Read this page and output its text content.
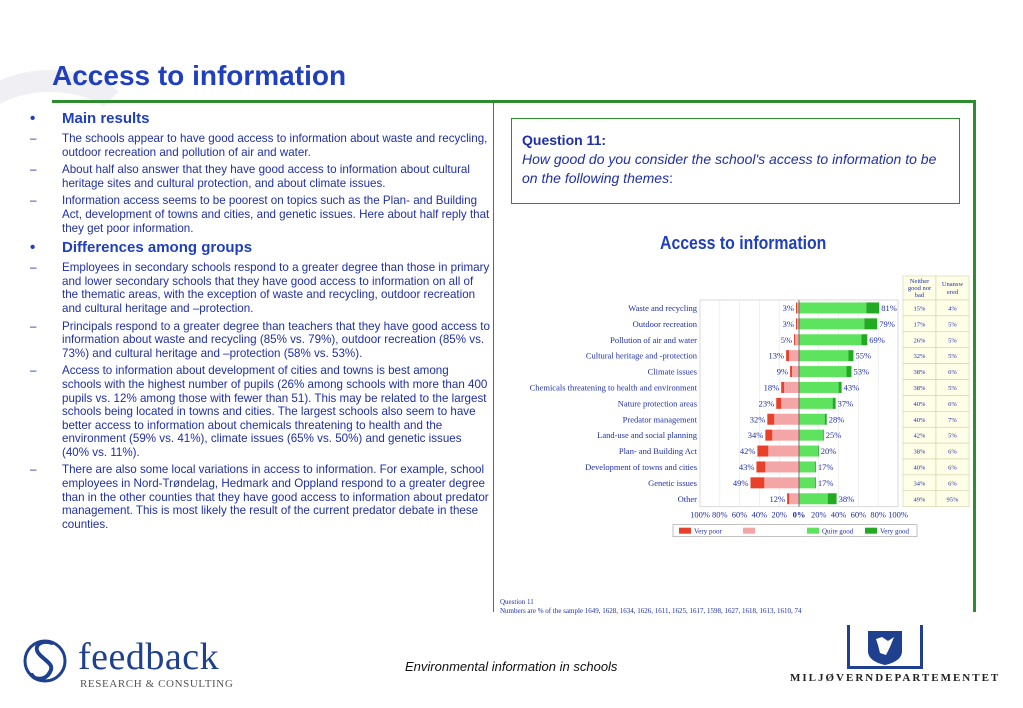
Access to information
• Main results
– The schools appear to have good access to information about waste and recycling, outdoor recreation and pollution of air and water.
– About half also answer that they have good access to information about cultural heritage sites and cultural protection, and about climate issues.
– Information access seems to be poorest on topics such as the Plan- and Building Act, development of towns and cities, and genetic issues. Here about half reply that they get poor information.
• Differences among groups
– Employees in secondary schools respond to a greater degree than those in primary and lower secondary schools that they have good access to information on all of the thematic areas, with the exception of waste and recycling, outdoor recreation and cultural heritage and –protection.
– Principals respond to a greater degree than teachers that they have good access to information about waste and recycling (85% vs. 79%), outdoor recreation (85% vs. 73%) and cultural heritage and –protection (58% vs. 53%).
– Access to information about development of cities and towns is best among schools with the highest number of pupils (26% among schools with more than 400 pupils vs. 12% among those with fewer than 51). This may be related to the largest schools being located in towns and cities. The largest schools also seem to have better access to information about chemicals threatening to health and the environment (59% vs. 41%), climate issues (65% vs. 50%) and genetic issues (40% vs. 11%).
– There are also some local variations in access to information. For example, school employees in Nord-Trøndelag, Hedmark and Oppland respond to a greater degree than in the other counties that they have good access to information about predator management. This is most likely the result of the current predator debate in these counties.
Question 11:
How good do you consider the school's access to information to be on the following themes:
Access to information
Neither good nor bad
Unansw ered
Waste and recycling	3%	81%	15%	4%
Outdoor recreation	3%	79%	17%	5%
Pollution of air and water	5%	69%	26%	5%
Cultural heritage and -protection	13%	55%	32%	5%
Climate issues	9%	53%	38%	6%
Chemicals threatening to health and environment	18%	43%	38%	5%
Nature protection areas	23%	37%	40%	6%
Predator management	32%	28%	40%	7%
Land-use and social planning	34%	25%	42%	5%
Plan- and Building Act	42%	20%	38%	6%
Development of towns and cities	43%	17%	40%	6%
Genetic issues	49%	17%	34%	6%
Other	12%	38%	49%	95%
100% 80% 60% 40% 20% 0% 20% 40% 60% 80% 100%
Very poor	Quite good	Very good
Question 11
Numbers are % of the sample 1649, 1628, 1634, 1626, 1611, 1625, 1617, 1598, 1627, 1618, 1613, 1610, 74
feedback
RESEARCH & CONSULTING
Environmental information in schools
MILJØVERNDEPARTEMENTET
